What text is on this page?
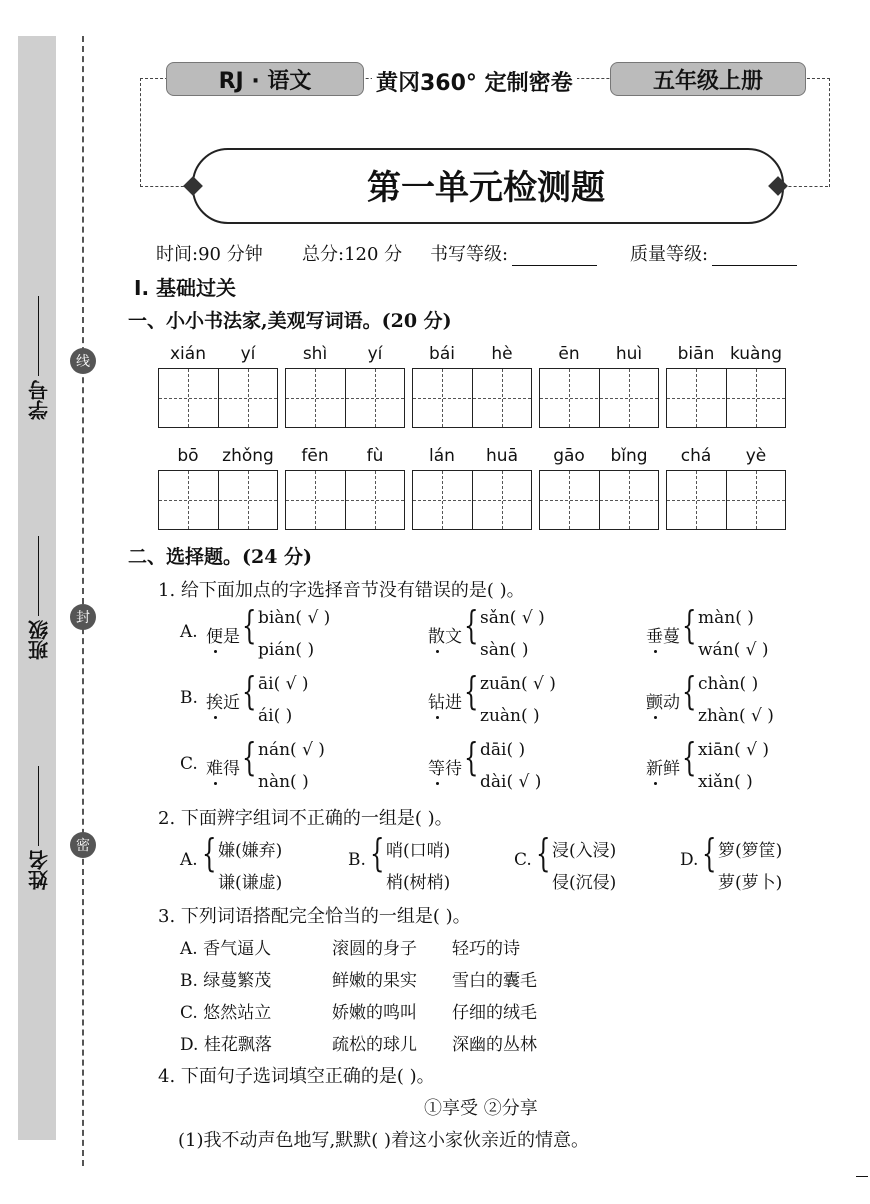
线
封
密
学号
班级
姓名
RJ · 语文	黄冈360° 定制密卷	五年级上册
第一单元检测题
时间:90 分钟 总分:120 分 书写等级:	质量等级:
Ⅰ. 基础过关
一、小小书法家,美观写词语。(20 分)
xián	yí	shì	yí	bái	hè	ēn	huì	biān kuàng
bō	zhǒng	fēn	fù	lán	huā	gāo	bǐng	chá	yè
二、选择题。(24 分)
1. 给下面加点的字选择音节没有错误的是( )。
A. 便是 { biàn( √ )
pián( )
散文 { sǎn( √ )
sàn( )
垂蔓 { màn( )
wán( √ )
B. 挨近 { āi( √ )
ái( )
钻进 { zuān( √ )
zuàn( )
颤动 { chàn( )
zhàn( √ )
C. 难得 { nán( √ )
nàn( )
等待 { dāi( )
dài( √ )
新鲜 { xiān( √ )
xiǎn( )
2. 下面辨字组词不正确的一组是( )。
A. { 嫌(嫌弃)
谦(谦虚)
B. { 哨(口哨)
梢(树梢)
C. { 浸(入浸)
侵(沉侵)
D. { 箩(箩筐)
萝(萝卜)
3. 下列词语搭配完全恰当的一组是( )。
A. 香气逼人	滚圆的身子 轻巧的诗
B. 绿蔓繁茂	鲜嫩的果实 雪白的囊毛
C. 悠然站立	娇嫩的鸣叫 仔细的绒毛
D. 桂花飘落	疏松的球儿 深幽的丛林
4. 下面句子选词填空正确的是( )。
①享受 ②分享
(1)我不动声色地写,默默( )着这小家伙亲近的情意。
